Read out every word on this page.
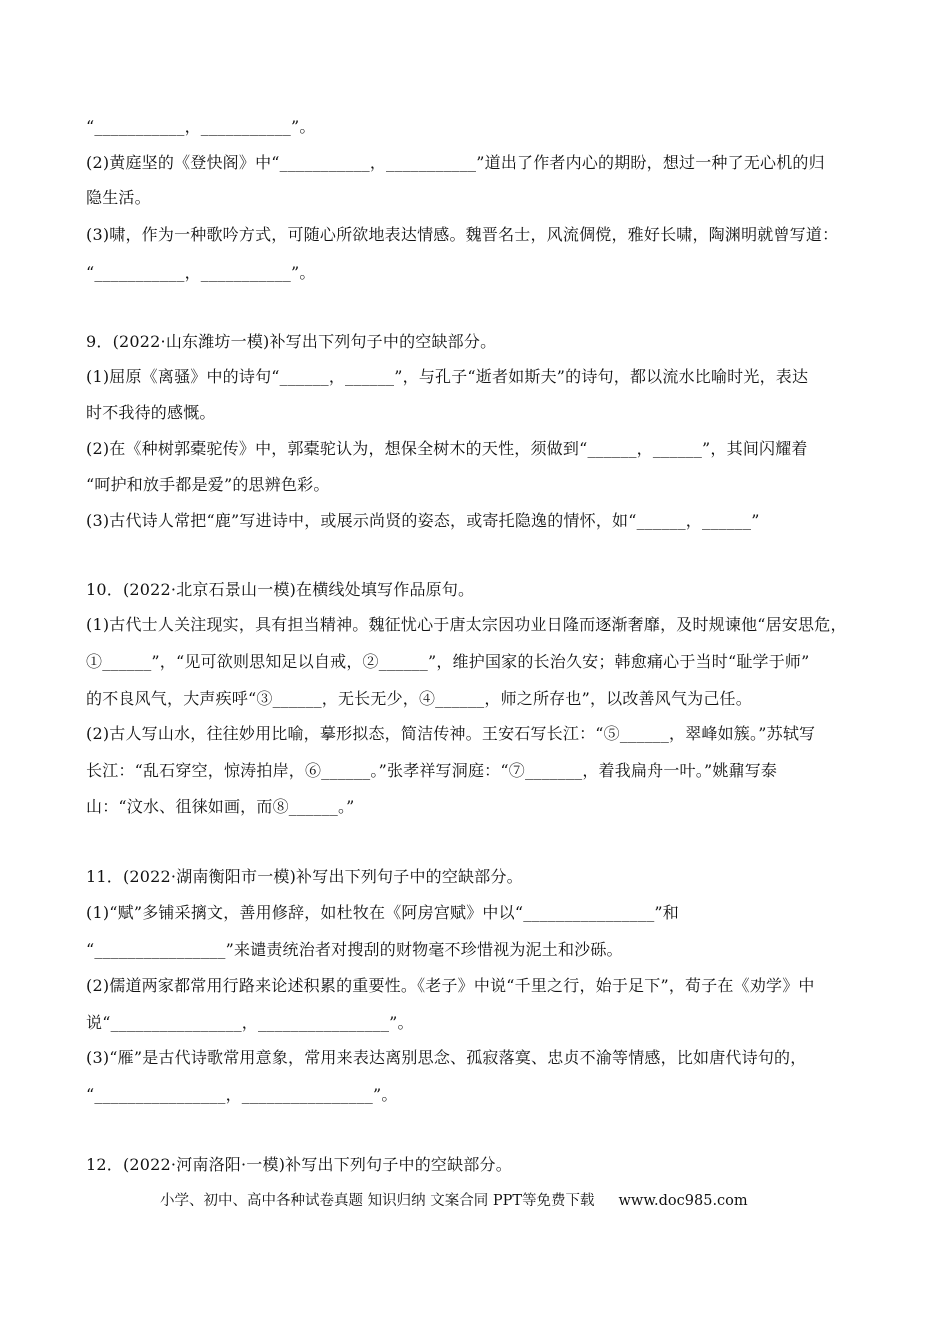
“___________，___________”。
(2)黄庭坚的《登快阁》中“___________，___________”道出了作者内心的期盼，想过一种了无心机的归
隐生活。
(3)啸，作为一种歌吟方式，可随心所欲地表达情感。魏晋名士，风流倜傥，雅好长啸，陶渊明就曾写道：
“___________，___________”。
9．(2022·山东潍坊一模)补写出下列句子中的空缺部分。
(1)屈原《离骚》中的诗句“______，______”，与孔子“逝者如斯夫”的诗句，都以流水比喻时光，表达
时不我待的感慨。
(2)在《种树郭橐驼传》中，郭橐驼认为，想保全树木的天性，须做到“______，______”，其间闪耀着
“呵护和放手都是爱”的思辨色彩。
(3)古代诗人常把“鹿”写进诗中，或展示尚贤的姿态，或寄托隐逸的情怀，如“______，______”
10．(2022·北京石景山一模)在横线处填写作品原句。
(1)古代士人关注现实，具有担当精神。魏征忧心于唐太宗因功业日隆而逐渐奢靡，及时规谏他“居安思危，
①______”，“见可欲则思知足以自戒，②______”，维护国家的长治久安；韩愈痛心于当时“耻学于师”
的不良风气，大声疾呼“③______，无长无少，④______，师之所存也”，以改善风气为己任。
(2)古人写山水，往往妙用比喻，摹形拟态，简洁传神。王安石写长江：“⑤______，翠峰如簇。”苏轼写
长江：“乱石穿空，惊涛拍岸，⑥______。”张孝祥写洞庭：“⑦_______，着我扁舟一叶。”姚鼐写泰
山：“汶水、徂徕如画，而⑧______。”
11．(2022·湖南衡阳市一模)补写出下列句子中的空缺部分。
(1)“赋”多铺采摛文，善用修辞，如杜牧在《阿房宫赋》中以“________________”和
“________________”来谴责统治者对搜刮的财物毫不珍惜视为泥土和沙砾。
(2)儒道两家都常用行路来论述积累的重要性。《老子》中说“千里之行，始于足下”，荀子在《劝学》中
说“________________，________________”。
(3)“雁”是古代诗歌常用意象，常用来表达离别思念、孤寂落寞、忠贞不渝等情感，比如唐代诗句的，
“________________，________________”。
12．(2022·河南洛阳·一模)补写出下列句子中的空缺部分。
小学、初中、高中各种试卷真题 知识归纳 文案合同 PPT等免费下载 www.doc985.com
